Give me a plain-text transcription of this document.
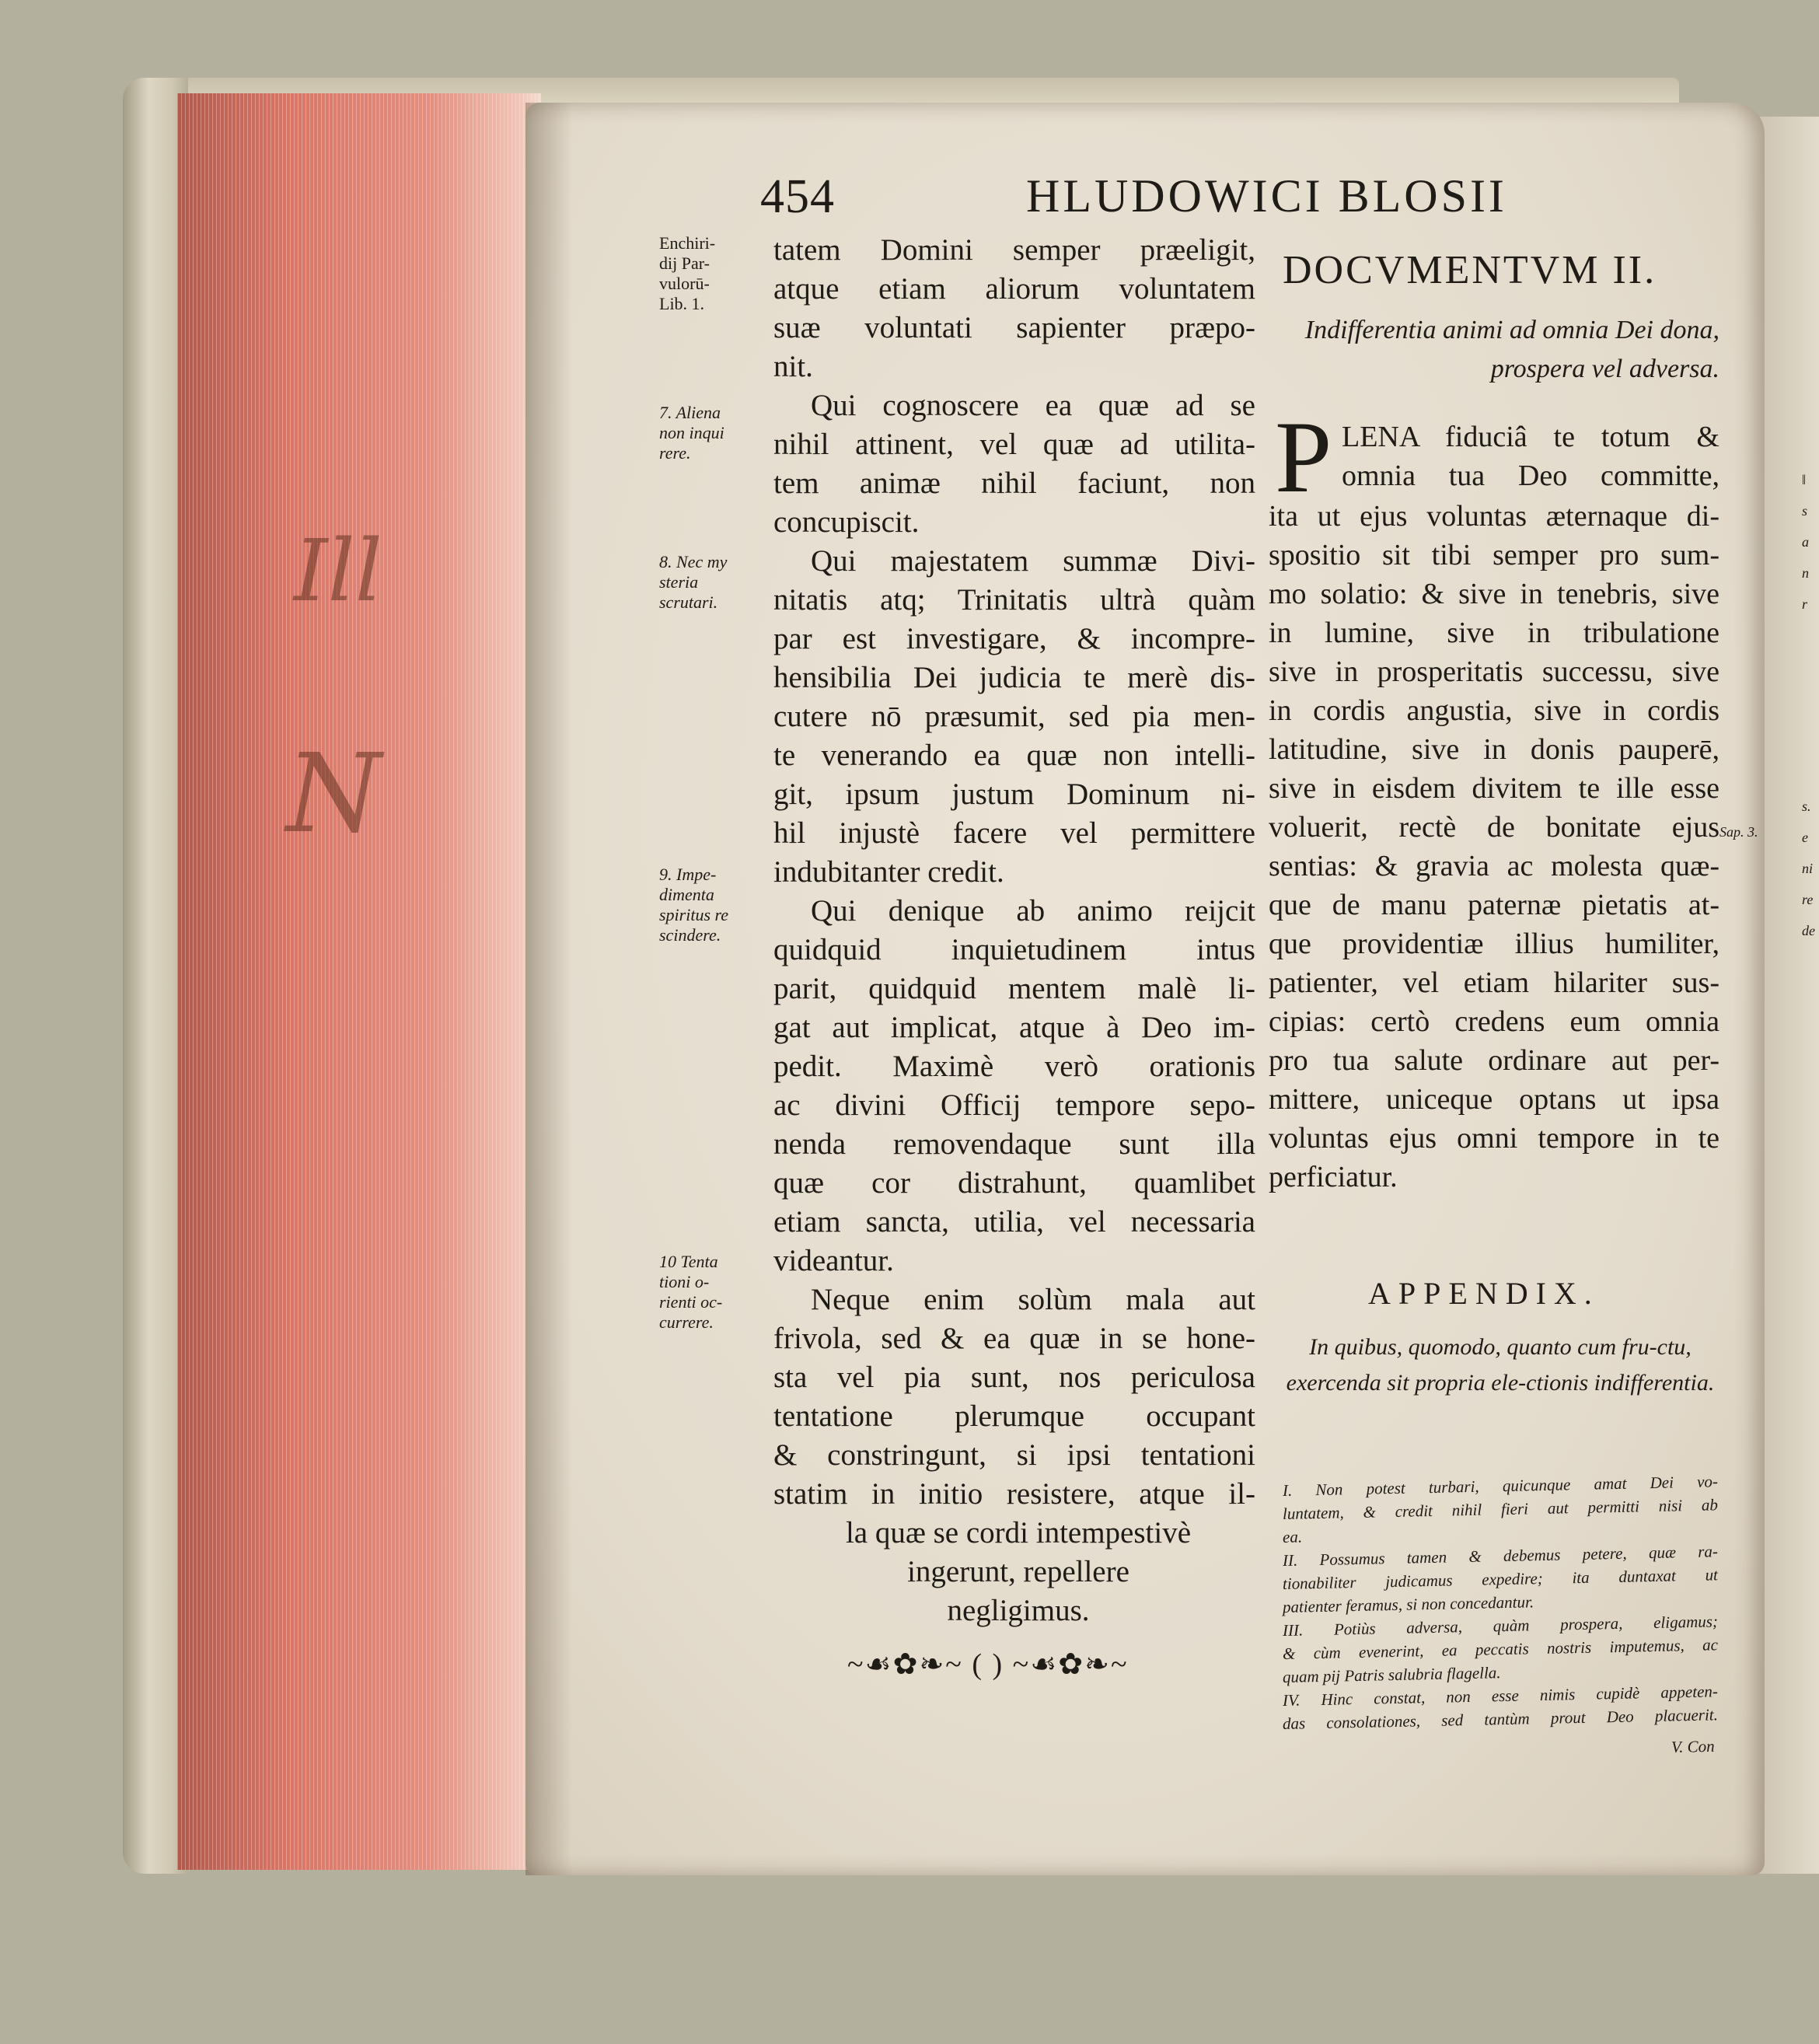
Ill
N
454	HLUDOWICI BLOSII
Enchiri-
dij Par-
vulorū-
Lib. 1.
7. Aliena
non inqui
rere.
8. Nec my
steria
scrutari.
9. Impe-
dimenta
spiritus re
scindere.
10 Tenta
tioni o-
rienti oc-
currere.
tatem Domini semper præeligit,
atque etiam aliorum voluntatem
suæ voluntati sapienter præpo-
nit.
Qui cognoscere ea quæ ad se
nihil attinent, vel quæ ad utilita-
tem animæ nihil faciunt, non
concupiscit.
Qui majestatem summæ Divi-
nitatis atq; Trinitatis ultrà quàm
par est investigare, & incompre-
hensibilia Dei judicia te merè dis-
cutere nō præsumit, sed pia men-
te venerando ea quæ non intelli-
git, ipsum justum Dominum ni-
hil injustè facere vel permittere
indubitanter credit.
Qui denique ab animo reijcit
quidquid inquietudinem intus
parit, quidquid mentem malè li-
gat aut implicat, atque à Deo im-
pedit. Maximè verò orationis
ac divini Officij tempore sepo-
nenda removendaque sunt illa
quæ cor distrahunt, quamlibet
etiam sancta, utilia, vel necessaria
videantur.
Neque enim solùm mala aut
frivola, sed & ea quæ in se hone-
sta vel pia sunt, nos periculosa
tentatione plerumque occupant
& constringunt, si ipsi tentationi
statim in initio resistere, atque il-
la quæ se cordi intempestivè
ingerunt, repellere
negligimus.
~☙✿❧~ ( ) ~☙✿❧~
DOCVMENTVM II.
Indifferentia animi ad omnia Dei dona, prospera vel adversa.
P LENA fiduciâ te totum &
omnia tua Deo committe,
ita ut ejus voluntas æternaque di-
spositio sit tibi semper pro sum-
mo solatio: & sive in tenebris, sive
in lumine, sive in tribulatione
sive in prosperitatis successu, sive
in cordis angustia, sive in cordis
latitudine, sive in donis pauperē,
sive in eisdem divitem te ille esse
voluerit, rectè de bonitate ejus
sentias: & gravia ac molesta quæ-
que de manu paternæ pietatis at-
que providentiæ illius humiliter,
patienter, vel etiam hilariter sus-
cipias: certò credens eum omnia
pro tua salute ordinare aut per-
mittere, uniceque optans ut ipsa
voluntas ejus omni tempore in te
perficiatur.
Sap. 3.
APPENDIX.
In quibus, quomodo, quanto cum fru-ctu, exercenda sit propria ele-ctionis indifferentia.
I. Non potest turbari, quicunque amat Dei vo-
luntatem, & credit nihil fieri aut permitti nisi ab
ea.
II. Possumus tamen & debemus petere, quæ ra-
tionabiliter judicamus expedire; ita duntaxat ut
patienter feramus, si non concedantur.
III. Potiùs adversa, quàm prospera, eligamus;
& cùm evenerint, ea peccatis nostris imputemus, ac
quam pij Patris salubria flagella.
IV. Hinc constat, non esse nimis cupidè appeten-
das consolationes, sed tantùm prout Deo placuerit.
V. Con
ǁ
s
a
n
r
s.
e
ni
re
de
